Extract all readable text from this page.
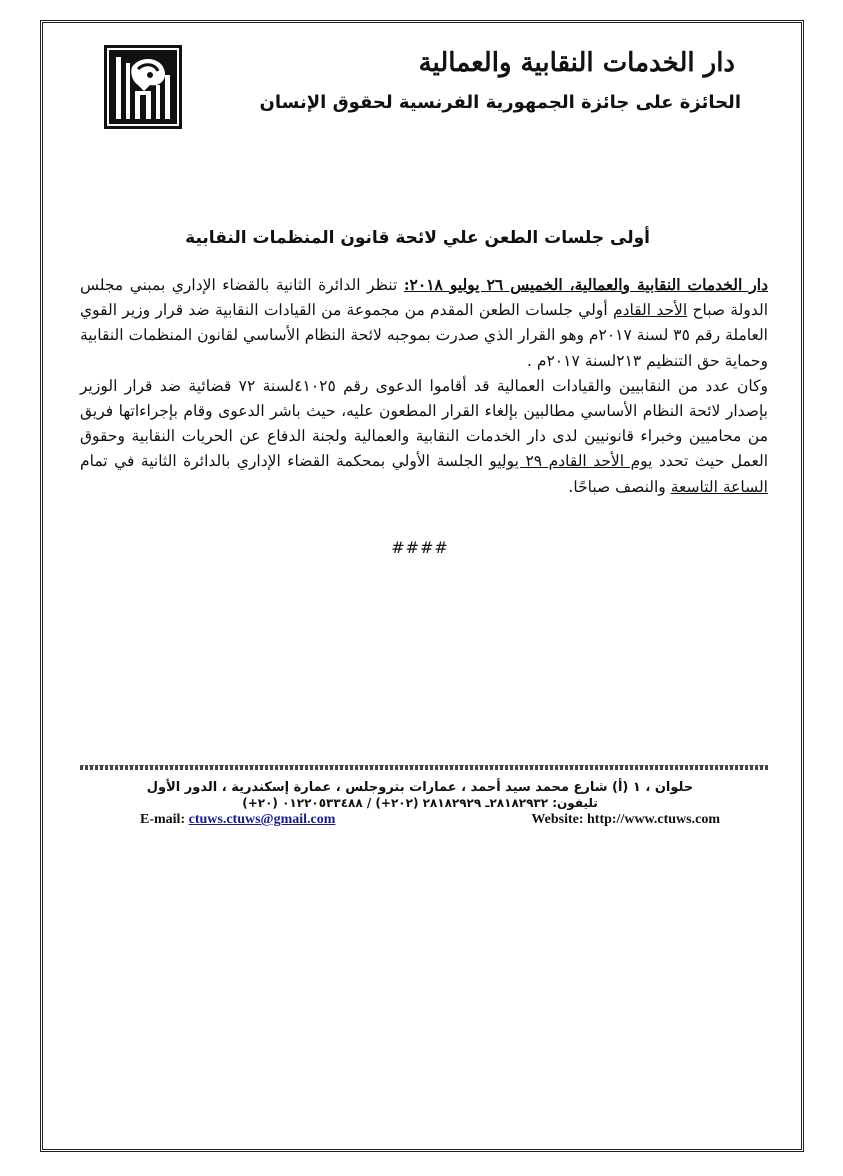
دار الخدمات النقابية والعمالية
الحائزة على جائزة الجمهورية الفرنسية لحقوق الإنسان
أولى جلسات الطعن علي لائحة قانون المنظمات النقابية
دار الخدمات النقابية والعمالية، الخميس ٢٦ يوليو ٢٠١٨: تنظر الدائرة الثانية بالقضاء الإداري بمبني مجلس الدولة صباح الأحد القادم أولي جلسات الطعن المقدم من مجموعة من القيادات النقابية ضد قرار وزير القوي العاملة رقم ٣٥ لسنة ٢٠١٧م وهو القرار الذي صدرت بموجبه لائحة النظام الأساسي لقانون المنظمات النقابية وحماية حق التنظيم ٢١٣لسنة ٢٠١٧م .
وكان عدد من النقابيين والقيادات العمالية قد أقاموا الدعوى رقم ٤١٠٢٥لسنة ٧٢ قضائية ضد قرار الوزير بإصدار لائحة النظام الأساسي مطالبين بإلغاء القرار المطعون عليه، حيث باشر الدعوى وقام بإجراءاتها فريق من محاميين وخبراء قانونيين لدى دار الخدمات النقابية والعمالية ولجنة الدفاع عن الحريات النقابية وحقوق العمل حيث تحدد يوم الأحد القادم ٢٩ يوليو الجلسة الأولي بمحكمة القضاء الإداري بالدائرة الثانية في تمام الساعة التاسعة والنصف صباحًا.
####
حلوان ، ١ (أ) شارع محمد سيد أحمد ، عمارات بتروجلس ، عمارة إسكندرية ، الدور الأول
تليفون: ٢٨١٨٢٩٣٢ـ ٢٨١٨٢٩٢٩ (٢٠٢+) / ٠١٢٢٠٥٣٣٤٨٨ (٢٠+)
E-mail: ctuws.ctuws@gmail.com	Website: http://www.ctuws.com
